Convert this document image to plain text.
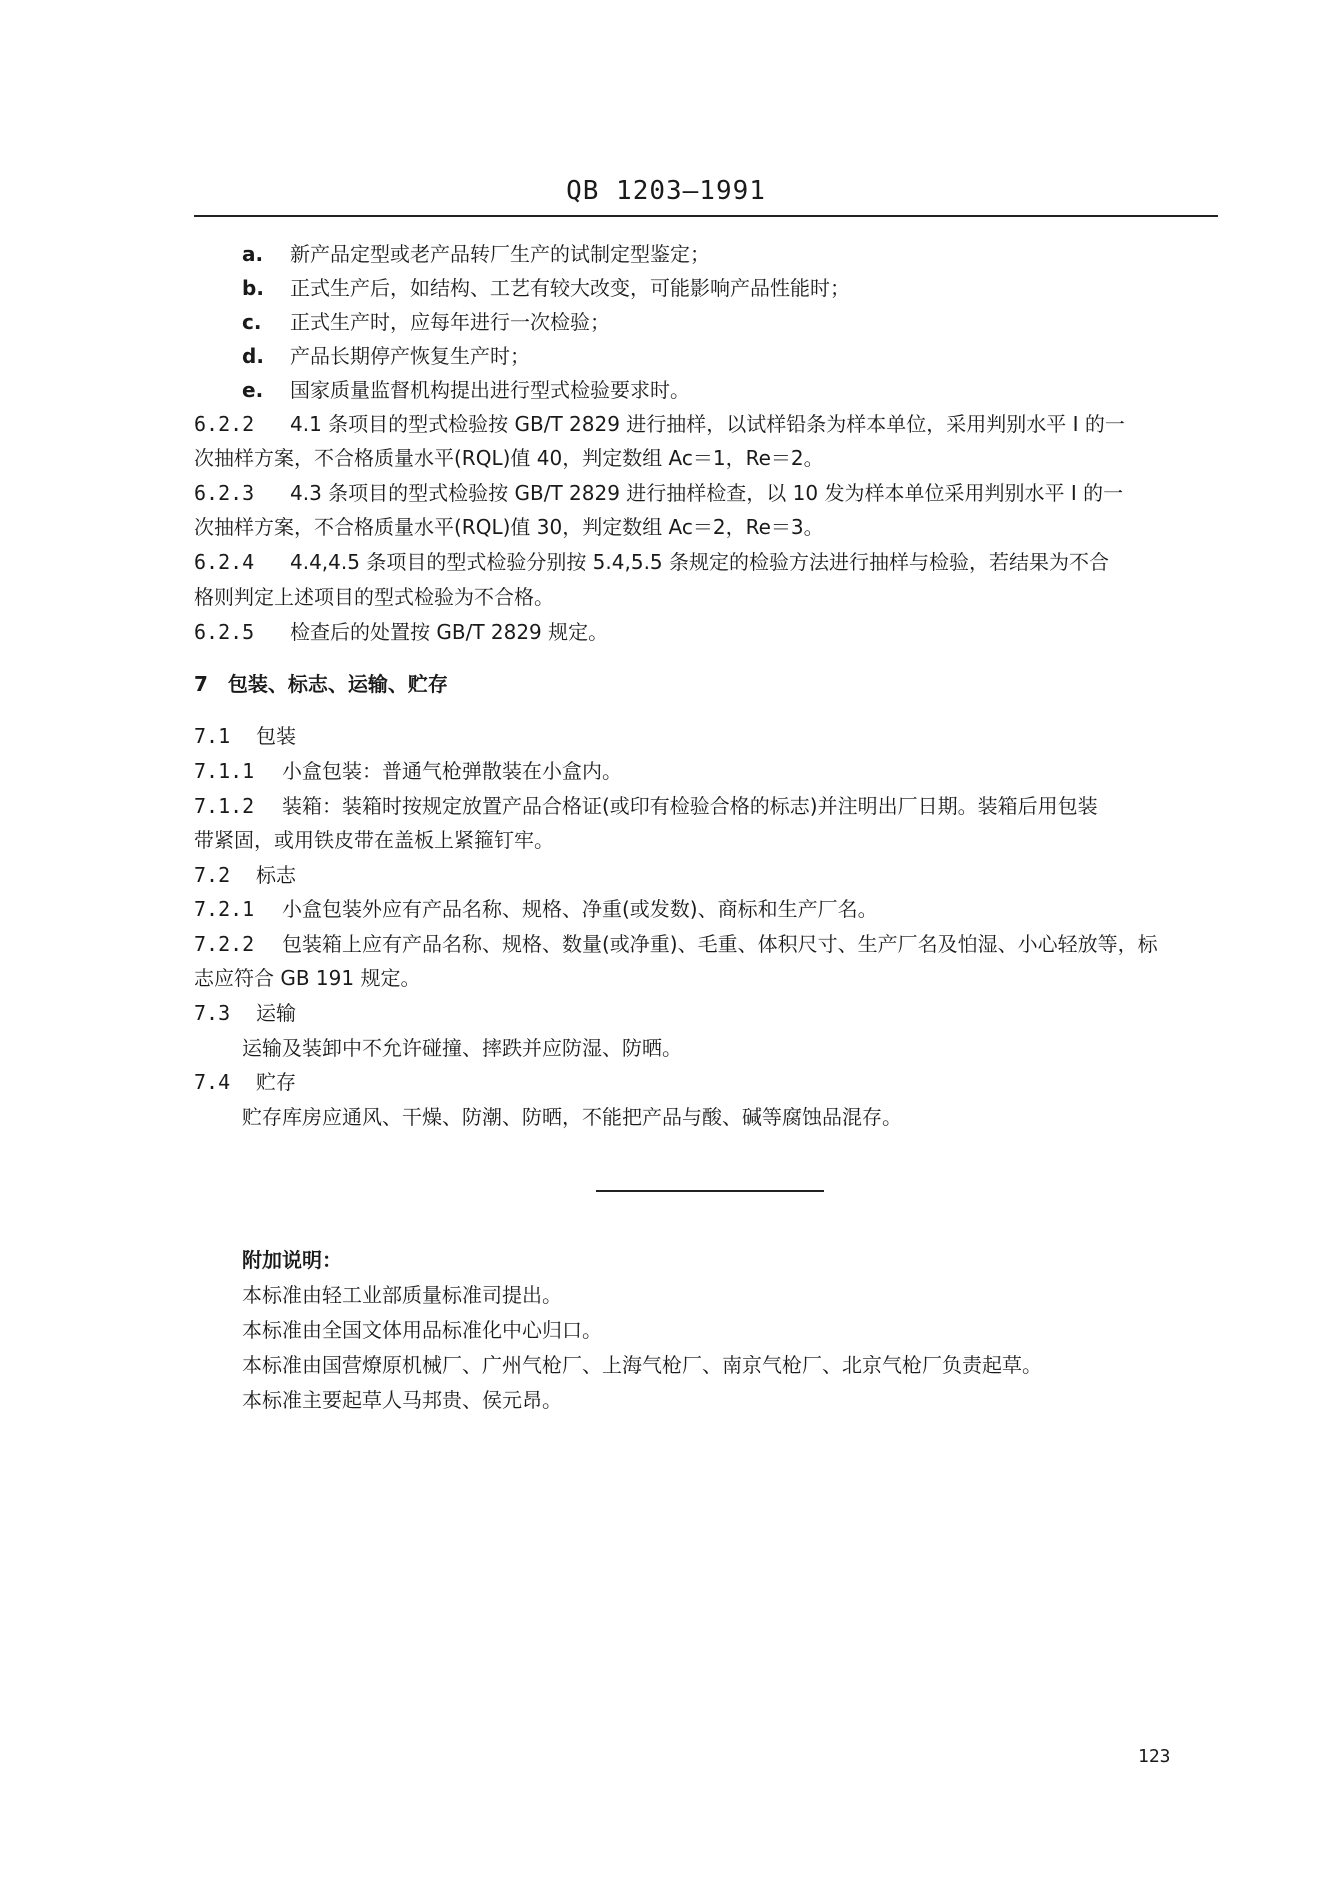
QB 1203—1991
a. 新产品定型或老产品转厂生产的试制定型鉴定；
b. 正式生产后，如结构、工艺有较大改变，可能影响产品性能时；
c. 正式生产时，应每年进行一次检验；
d. 产品长期停产恢复生产时；
e. 国家质量监督机构提出进行型式检验要求时。
6.2.2 4.1 条项目的型式检验按 GB/T 2829 进行抽样，以试样铅条为样本单位，采用判别水平 Ⅰ 的一
次抽样方案，不合格质量水平(RQL)值 40，判定数组 Ac＝1，Re＝2。
6.2.3 4.3 条项目的型式检验按 GB/T 2829 进行抽样检查，以 10 发为样本单位采用判别水平 Ⅰ 的一
次抽样方案，不合格质量水平(RQL)值 30，判定数组 Ac＝2，Re＝3。
6.2.4 4.4,4.5 条项目的型式检验分别按 5.4,5.5 条规定的检验方法进行抽样与检验，若结果为不合
格则判定上述项目的型式检验为不合格。
6.2.5 检查后的处置按 GB/T 2829 规定。
7　包装、标志、运输、贮存
7.1 包装
7.1.1 小盒包装：普通气枪弹散装在小盒内。
7.1.2 装箱：装箱时按规定放置产品合格证(或印有检验合格的标志)并注明出厂日期。装箱后用包装
带紧固，或用铁皮带在盖板上紧箍钉牢。
7.2 标志
7.2.1 小盒包装外应有产品名称、规格、净重(或发数)、商标和生产厂名。
7.2.2 包装箱上应有产品名称、规格、数量(或净重)、毛重、体积尺寸、生产厂名及怕湿、小心轻放等，标
志应符合 GB 191 规定。
7.3 运输
运输及装卸中不允许碰撞、摔跌并应防湿、防晒。
7.4 贮存
贮存库房应通风、干燥、防潮、防晒，不能把产品与酸、碱等腐蚀品混存。
附加说明：
本标准由轻工业部质量标准司提出。
本标准由全国文体用品标准化中心归口。
本标准由国营燎原机械厂、广州气枪厂、上海气枪厂、南京气枪厂、北京气枪厂负责起草。
本标准主要起草人马邦贵、侯元昂。
123
